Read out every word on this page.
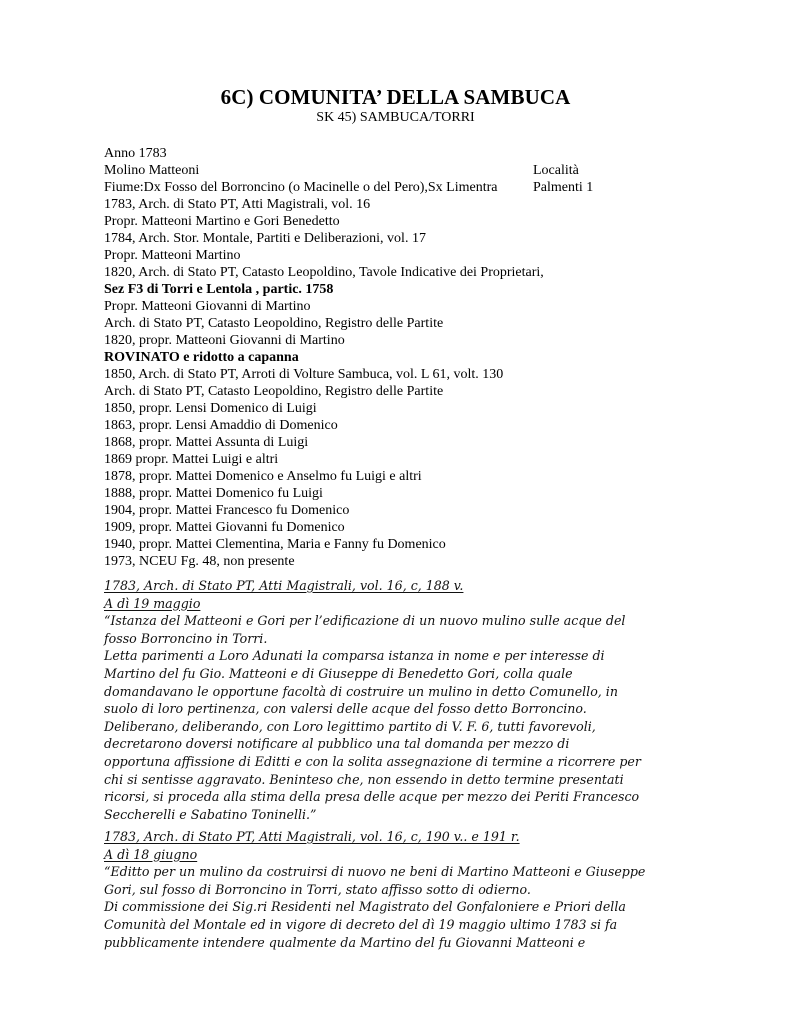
6C) COMUNITA’ DELLA SAMBUCA
SK 45) SAMBUCA/TORRI
Anno 1783
Molino Matteoni	Località
Fiume:Dx Fosso del Borroncino (o Macinelle o del Pero),Sx Limentra	Palmenti 1
1783, Arch. di Stato PT, Atti Magistrali, vol. 16
Propr. Matteoni Martino e Gori Benedetto
1784, Arch. Stor. Montale, Partiti e Deliberazioni, vol. 17
Propr. Matteoni Martino
1820, Arch. di Stato PT, Catasto Leopoldino, Tavole Indicative dei Proprietari,
Sez F3 di Torri e Lentola , partic. 1758
Propr. Matteoni Giovanni di Martino
Arch. di Stato PT, Catasto Leopoldino, Registro delle Partite
1820, propr. Matteoni Giovanni di Martino
ROVINATO e ridotto a capanna
1850, Arch. di Stato PT, Arroti di Volture Sambuca, vol. L 61, volt. 130
Arch. di Stato PT, Catasto Leopoldino, Registro delle Partite
1850, propr. Lensi Domenico di Luigi
1863, propr. Lensi Amaddio di Domenico
1868, propr. Mattei Assunta di Luigi
1869 propr. Mattei Luigi e altri
1878, propr. Mattei Domenico e Anselmo fu Luigi e altri
1888, propr. Mattei Domenico fu Luigi
1904, propr. Mattei Francesco fu Domenico
1909, propr. Mattei Giovanni fu Domenico
1940, propr. Mattei Clementina, Maria e Fanny fu Domenico
1973, NCEU Fg. 48, non presente
1783, Arch. di Stato PT, Atti Magistrali, vol. 16, c, 188 v.
A dì 19 maggio
“Istanza del Matteoni e Gori per l’edificazione di un nuovo mulino sulle acque del
fosso Borroncino in Torri.
Letta parimenti a Loro Adunati la comparsa istanza in nome e per interesse di
Martino del fu Gio. Matteoni e di Giuseppe di Benedetto Gori, colla quale
domandavano le opportune facoltà di costruire un mulino in detto Comunello, in
suolo di loro pertinenza, con valersi delle acque del fosso detto Borroncino.
Deliberano, deliberando, con Loro legittimo partito di V. F. 6, tutti favorevoli,
decretarono doversi notificare al pubblico una tal domanda per mezzo di
opportuna affissione di Editti e con la solita assegnazione di termine a ricorrere per
chi si sentisse aggravato. Beninteso che, non essendo in detto termine presentati
ricorsi, si proceda alla stima della presa delle acque per mezzo dei Periti Francesco
Seccherelli e Sabatino Toninelli.”
1783, Arch. di Stato PT, Atti Magistrali, vol. 16, c, 190 v.. e 191 r.
A dì 18 giugno
“Editto per un mulino da costruirsi di nuovo ne beni di Martino Matteoni e Giuseppe
Gori, sul fosso di Borroncino in Torri, stato affisso sotto di odierno.
Di commissione dei Sig.ri Residenti nel Magistrato del Gonfaloniere e Priori della
Comunità del Montale ed in vigore di decreto del dì 19 maggio ultimo 1783 si fa
pubblicamente intendere qualmente da Martino del fu Giovanni Matteoni e
